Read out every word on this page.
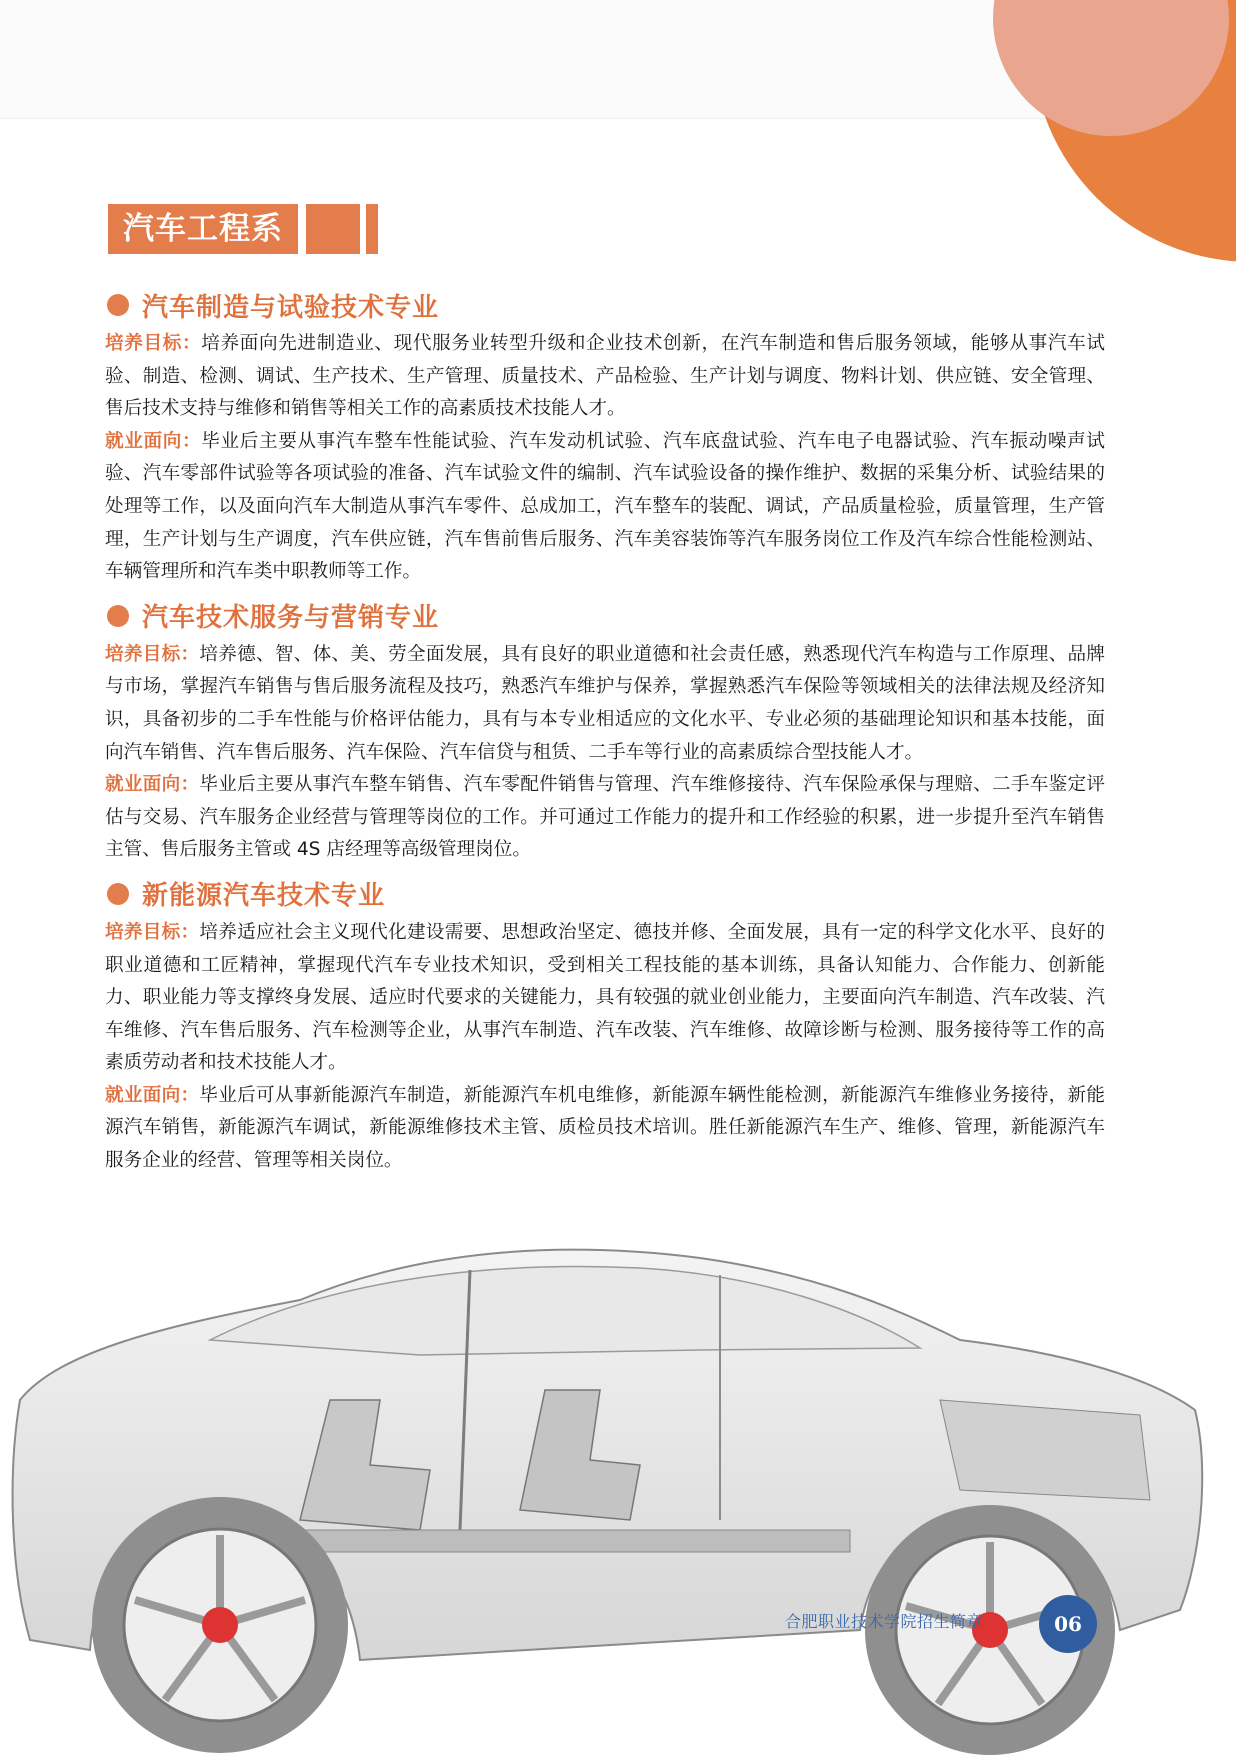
汽车工程系
汽车制造与试验技术专业

培养目标：培养面向先进制造业、现代服务业转型升级和企业技术创新，在汽车制造和售后服务领域，能够从事汽车试验、制造、检测、调试、生产技术、生产管理、质量技术、产品检验、生产计划与调度、物料计划、供应链、安全管理、售后技术支持与维修和销售等相关工作的高素质技术技能人才。

就业面向：毕业后主要从事汽车整车性能试验、汽车发动机试验、汽车底盘试验、汽车电子电器试验、汽车振动噪声试验、汽车零部件试验等各项试验的准备、汽车试验文件的编制、汽车试验设备的操作维护、数据的采集分析、试验结果的处理等工作，以及面向汽车大制造从事汽车零件、总成加工，汽车整车的装配、调试，产品质量检验，质量管理，生产管理，生产计划与生产调度，汽车供应链，汽车售前售后服务、汽车美容装饰等汽车服务岗位工作及汽车综合性能检测站、车辆管理所和汽车类中职教师等工作。

汽车技术服务与营销专业

培养目标：培养德、智、体、美、劳全面发展，具有良好的职业道德和社会责任感，熟悉现代汽车构造与工作原理、品牌与市场，掌握汽车销售与售后服务流程及技巧，熟悉汽车维护与保养，掌握熟悉汽车保险等领域相关的法律法规及经济知识，具备初步的二手车性能与价格评估能力，具有与本专业相适应的文化水平、专业必须的基础理论知识和基本技能，面向汽车销售、汽车售后服务、汽车保险、汽车信贷与租赁、二手车等行业的高素质综合型技能人才。

就业面向：毕业后主要从事汽车整车销售、汽车零配件销售与管理、汽车维修接待、汽车保险承保与理赔、二手车鉴定评估与交易、汽车服务企业经营与管理等岗位的工作。并可通过工作能力的提升和工作经验的积累，进一步提升至汽车销售主管、售后服务主管或 4S 店经理等高级管理岗位。

新能源汽车技术专业

培养目标：培养适应社会主义现代化建设需要、思想政治坚定、德技并修、全面发展，具有一定的科学文化水平、良好的职业道德和工匠精神，掌握现代汽车专业技术知识，受到相关工程技能的基本训练，具备认知能力、合作能力、创新能力、职业能力等支撑终身发展、适应时代要求的关键能力，具有较强的就业创业能力，主要面向汽车制造、汽车改装、汽车维修、汽车售后服务、汽车检测等企业，从事汽车制造、汽车改装、汽车维修、故障诊断与检测、服务接待等工作的高素质劳动者和技术技能人才。

就业面向：毕业后可从事新能源汽车制造，新能源汽车机电维修，新能源车辆性能检测，新能源汽车维修业务接待，新能源汽车销售，新能源汽车调试，新能源维修技术主管、质检员技术培训。胜任新能源汽车生产、维修、管理，新能源汽车服务企业的经营、管理等相关岗位。

合肥职业技术学院招生简章	06
